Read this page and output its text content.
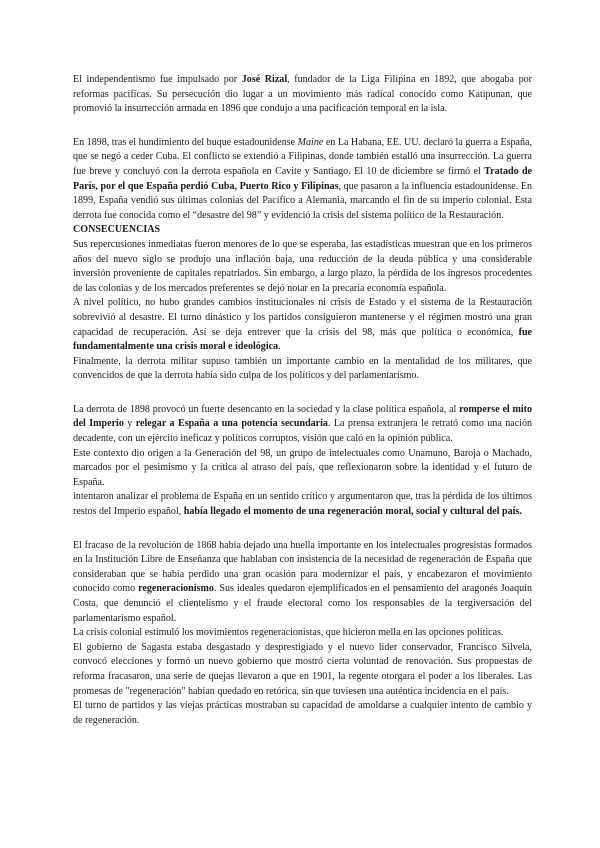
El independentismo fue impulsado por José Rizal, fundador de la Liga Filipina en 1892, que abogaba por reformas pacíficas. Su persecución dio lugar a un movimiento más radical conocido como Katipunan, que promovió la insurrección armada en 1896 que condujo a una pacificación temporal en la isla.

En 1898, tras el hundimiento del buque estadounidense Maine en La Habana, EE. UU. declaró la guerra a España, que se negó a ceder Cuba. El conflicto se extendió a Filipinas, donde también estalló una insurrección. La guerra fue breve y concluyó con la derrota española en Cavite y Santiago. El 10 de diciembre se firmó el Tratado de París, por el que España perdió Cuba, Puerto Rico y Filipinas, que pasaron a la influencia estadounidense. En 1899, España vendió sus últimas colonias del Pacífico a Alemania, marcando el fin de su imperio colonial. Esta derrota fue conocida como el “desastre del 98” y evidenció la crisis del sistema político de la Restauración.

CONSECUENCIAS

Sus repercusiones inmediatas fueron menores de lo que se esperaba, las estadísticas muestran que en los primeros años del nuevo siglo se produjo una inflación baja, una reducción de la deuda pública y una considerable inversión proveniente de capitales repatriados. Sin embargo, a largo plazo, la pérdida de los ingresos procedentes de las colonias y de los mercados preferentes se dejó notar en la precaria economía española.

A nivel político, no hubo grandes cambios institucionales ni crisis de Estado y el sistema de la Restauración sobrevivió al desastre. El turno dinástico y los partidos consiguieron mantenerse y el régimen mostró una gran capacidad de recuperación. Así se deja entrever que la crisis del 98, más que política o económica, fue fundamentalmente una crisis moral e ideológica.

Finalmente, la derrota militar supuso también un importante cambio en la mentalidad de los militares, que convencidos de que la derrota había sido culpa de los políticos y del parlamentarismo.

La derrota de 1898 provocó un fuerte desencanto en la sociedad y la clase política española, al romperse el mito del Imperio y relegar a España a una potencia secundaria. La prensa extranjera le retrató como una nación decadente, con un ejército ineficaz y políticos corruptos, visión que caló en la opinión pública.

Este contexto dio origen a la Generación del 98, un grupo de intelectuales como Unamuno, Baroja o Machado, marcados por el pesimismo y la crítica al atraso del país, que reflexionaron sobre la identidad y el futuro de España.

intentaron analizar el problema de España en un sentido crítico y argumentaron que, tras la pérdida de los últimos restos del Imperio español, había llegado el momento de una regeneración moral, social y cultural del país.

El fracaso de la revolución de 1868 había dejado una huella importante en los intelectuales progresistas formados en la Institución Libre de Enseñanza que hablaban con insistencia de la necesidad de regeneración de España que consideraban que se había perdido una gran ocasión para modernizar el país, y encabezaron el movimiento conocido como regeneracionismo. Sus ideales quedaron ejemplificados en el pensamiento del aragonés Joaquín Costa, que denunció el clientelismo y el fraude electoral como los responsables de la tergiversación del parlamentarismo español.

La crisis colonial estimuló los movimientos regeneracionistas, que hicieron mella en las opciones políticas.

El gobierno de Sagasta estaba desgastado y desprestigiado y el nuevo líder conservador, Francisco Silvela, convocó elecciones y formó un nuevo gobierno que mostró cierta voluntad de renovación. Sus propuestas de reforma fracasaron, una serie de quejas llevaron a que en 1901, la regente otorgara el poder a los liberales. Las promesas de "regeneración" habían quedado en retórica, sin que tuviesen una auténtica incidencia en el país.

El turno de partidos y las viejas prácticas mostraban su capacidad de amoldarse a cualquier intento de cambio y de regeneración.
